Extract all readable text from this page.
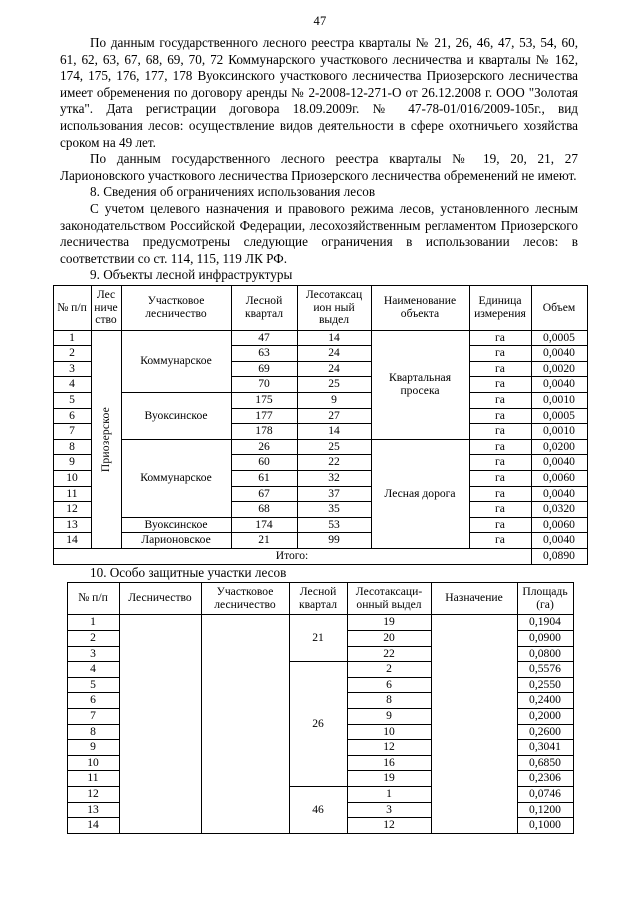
47

По данным государственного лесного реестра кварталы № 21, 26, 46, 47, 53, 54, 60, 61, 62, 63, 67, 68, 69, 70, 72 Коммунарского участкового лесничества и кварталы № 162, 174, 175, 176, 177, 178 Вуоксинского участкового лесничества Приозерского лесничества имеет обременения по договору аренды № 2-2008-12-271-О от 26.12.2008 г. ООО "Золотая утка". Дата регистрации договора 18.09.2009г. № 47-78-01/016/2009-105г., вид использования лесов: осуществление видов деятельности в сфере охотничьего хозяйства сроком на 49 лет.

По данным государственного лесного реестра кварталы № 19, 20, 21, 27 Ларионовского участкового лесничества Приозерского лесничества обременений не имеют.

8. Сведения об ограничениях использования лесов

С учетом целевого назначения и правового режима лесов, установленного лесным законодательством Российской Федерации, лесохозяйственным регламентом Приозерского лесничества предусмотрены следующие ограничения в использовании лесов: в соответствии со ст. 114, 115, 119 ЛК РФ.

9. Объекты лесной инфраструктуры

№ п/п	Лес ниче ство	Участковое лесничество	Лесной квартал	Лесотаксац ион ный выдел	Наименование объекта	Единица измерения	Объем
1	Приозерское	Коммунарское	47	14	Квартальная просека	га	0,0005
2			63	24		га	0,0040
3			69	24		га	0,0020
4			70	25		га	0,0040
5		Вуоксинское	175	9		га	0,0010
6			177	27		га	0,0005
7			178	14		га	0,0010
8		Коммунарское	26	25	Лесная дорога	га	0,0200
9			60	22		га	0,0040
10			61	32		га	0,0060
11			67	37		га	0,0040
12			68	35		га	0,0320
13		Вуоксинское	174	53		га	0,0060
14		Ларионовское	21	99		га	0,0040
Итого:							0,0890

10. Особо защитные участки лесов

№ п/п	Лесничество	Участковое лесничество	Лесной квартал	Лесотаксаци- онный выдел	Назначение	Площадь (га)
1			21	19		0,1904
2				20		0,0900
3				22		0,0800
4			26	2		0,5576
5				6		0,2550
6				8		0,2400
7				9		0,2000
8				10		0,2600
9				12		0,3041
10				16		0,6850
11				19		0,2306
12			46	1		0,0746
13				3		0,1200
14				12		0,1000
